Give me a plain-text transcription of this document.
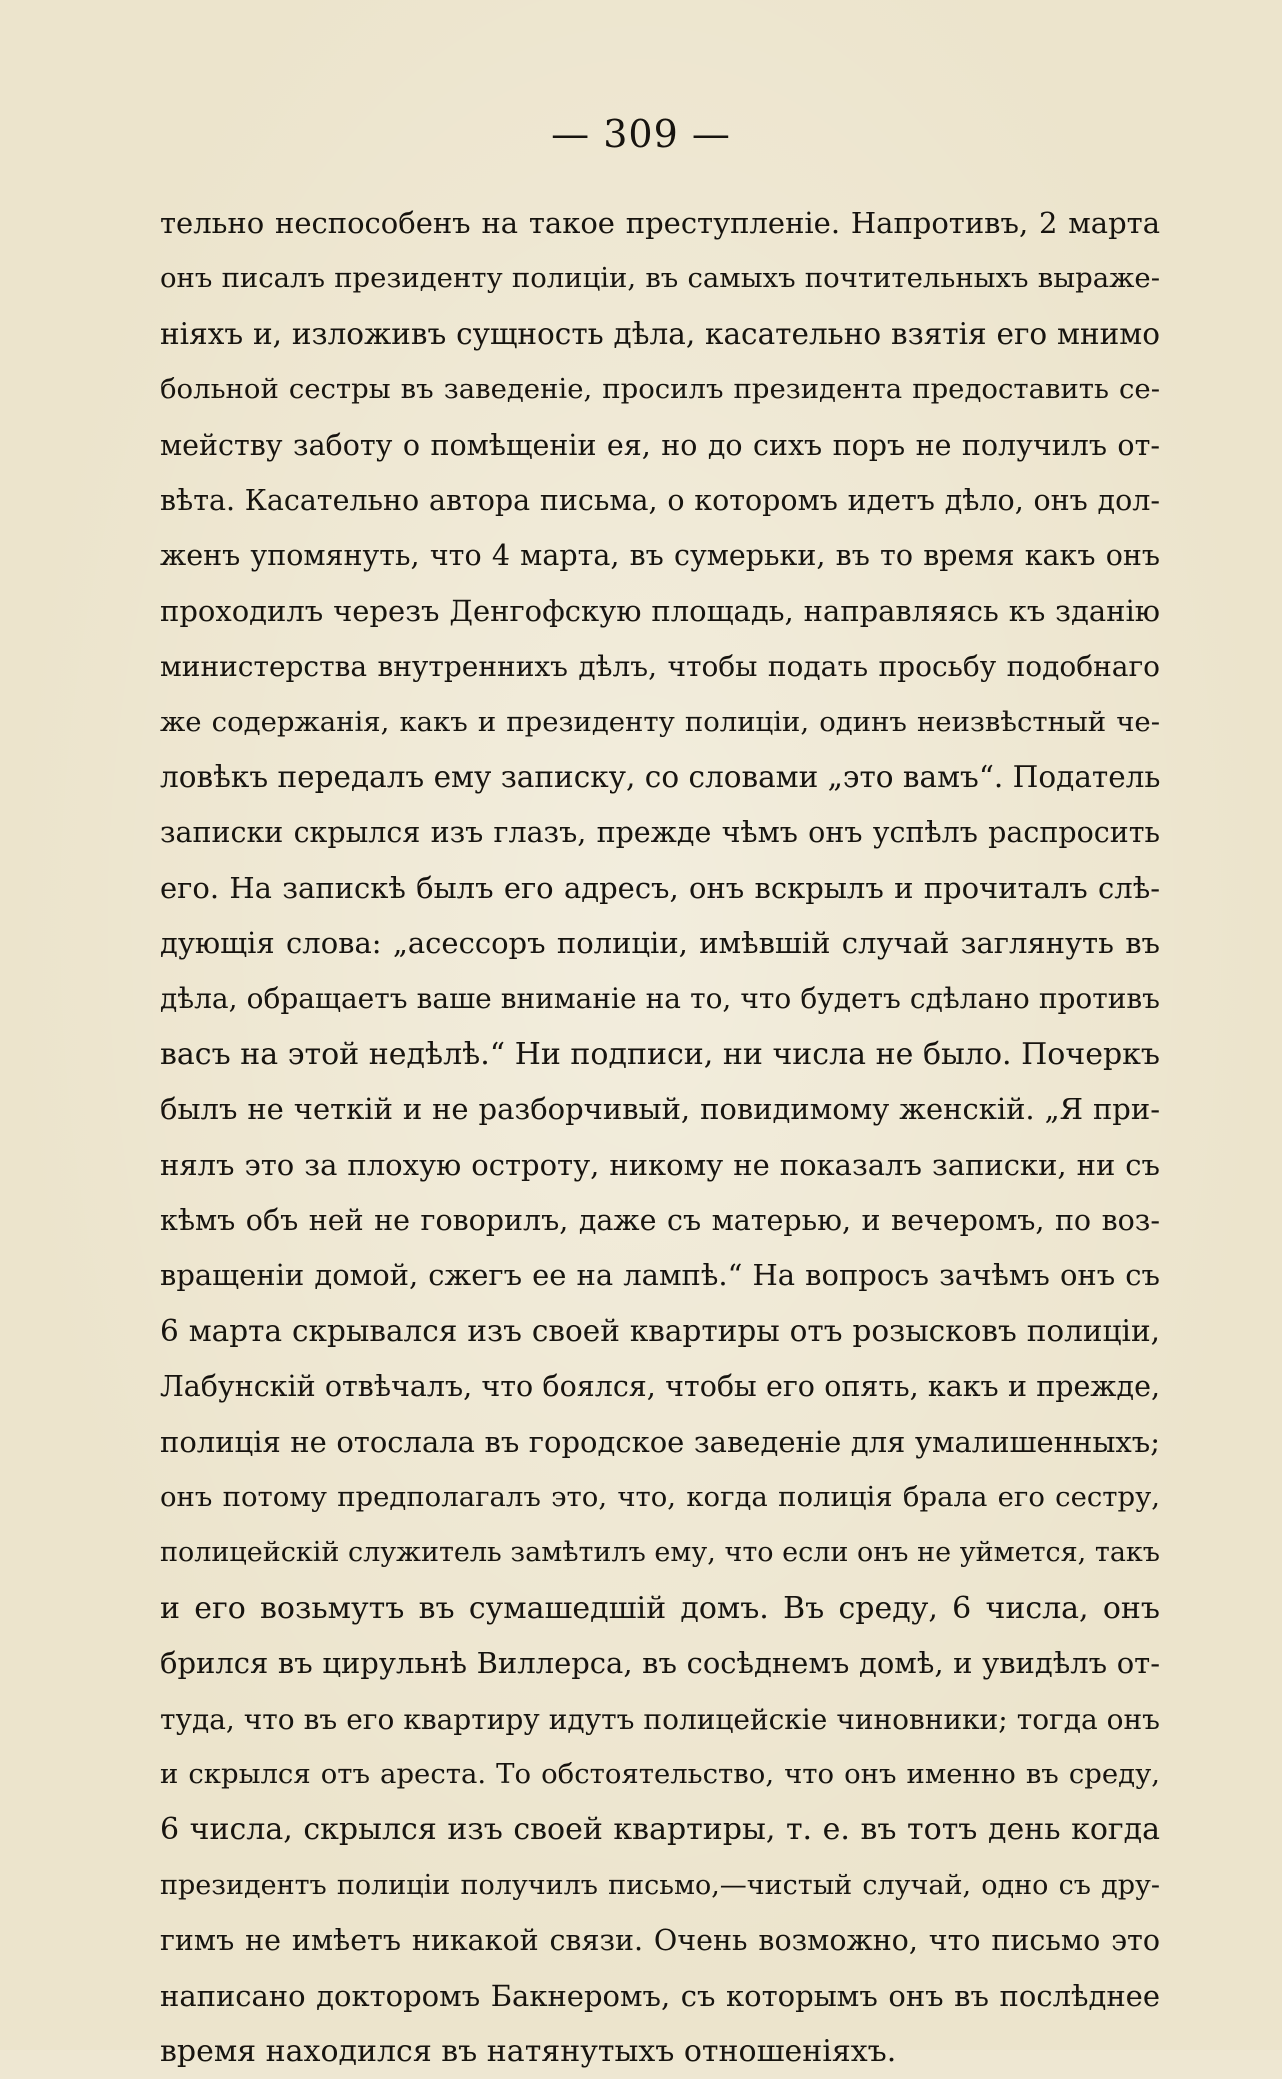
— 309 —
тельно неспособенъ на такое преступленіе. Напротивъ, 2 марта
онъ писалъ президенту полиціи, въ самыхъ почтительныхъ выраже-
ніяхъ и, изложивъ сущность дѣла, касательно взятія его мнимо
больной сестры въ заведеніе, просилъ президента предоставить се-
мейству заботу о помѣщеніи ея, но до сихъ поръ не получилъ от-
вѣта. Касательно автора письма, о которомъ идетъ дѣло, онъ дол-
женъ упомянуть, что 4 марта, въ сумерьки, въ то время какъ онъ
проходилъ черезъ Денгофскую площадь, направляясь къ зданію
министерства внутреннихъ дѣлъ, чтобы подать просьбу подобнаго
же содержанія, какъ и президенту полиціи, одинъ неизвѣстный че-
ловѣкъ передалъ ему записку, со словами „это вамъ“. Податель
записки скрылся изъ глазъ, прежде чѣмъ онъ успѣлъ распросить
его. На запискѣ былъ его адресъ, онъ вскрылъ и прочиталъ слѣ-
дующія слова: „асессоръ полиціи, имѣвшій случай заглянуть въ
дѣла, обращаетъ ваше вниманіе на то, что будетъ сдѣлано противъ
васъ на этой недѣлѣ.“ Ни подписи, ни числа не было. Почеркъ
былъ не четкій и не разборчивый, повидимому женскій. „Я при-
нялъ это за плохую остроту, никому не показалъ записки, ни съ
кѣмъ объ ней не говорилъ, даже съ матерью, и вечеромъ, по воз-
вращеніи домой, сжегъ ее на лампѣ.“ На вопросъ зачѣмъ онъ съ
6 марта скрывался изъ своей квартиры отъ розысковъ полиціи,
Лабунскій отвѣчалъ, что боялся, чтобы его опять, какъ и прежде,
полиція не отослала въ городское заведеніе для умалишенныхъ;
онъ потому предполагалъ это, что, когда полиція брала его сестру,
полицейскій служитель замѣтилъ ему, что если онъ не уймется, такъ
и его возьмутъ въ сумашедшій домъ. Въ среду, 6 числа, онъ
брился въ цирульнѣ Виллерса, въ сосѣднемъ домѣ, и увидѣлъ от-
туда, что въ его квартиру идутъ полицейскіе чиновники; тогда онъ
и скрылся отъ ареста. То обстоятельство, что онъ именно въ среду,
6 числа, скрылся изъ своей квартиры, т. е. въ тотъ день когда
президентъ полиціи получилъ письмо,—чистый случай, одно съ дру-
гимъ не имѣетъ никакой связи. Очень возможно, что письмо это
написано докторомъ Бакнеромъ, съ которымъ онъ въ послѣднее
время находился въ натянутыхъ отношеніяхъ.
